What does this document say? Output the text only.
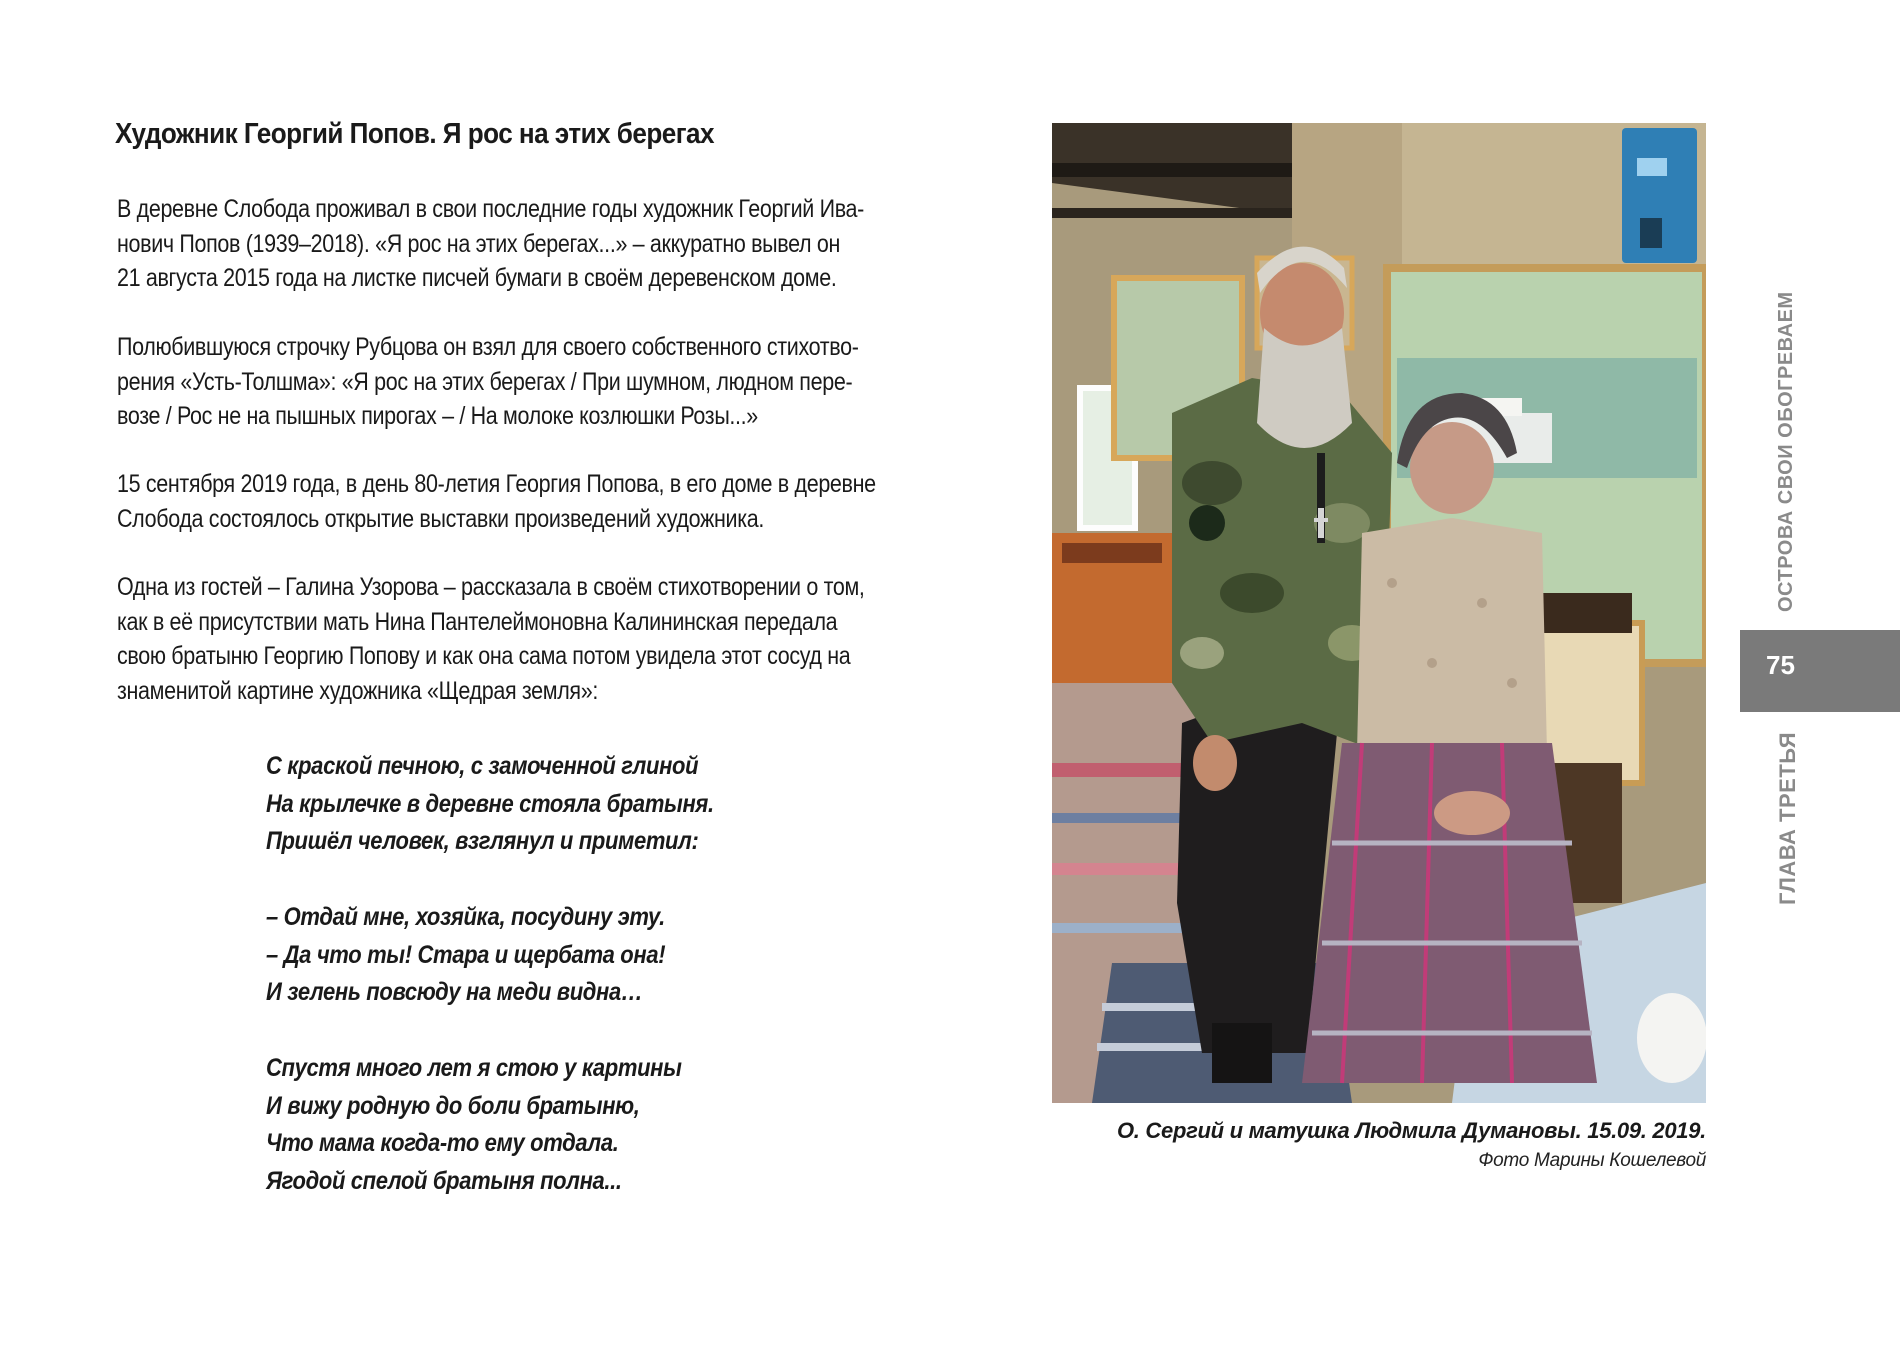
Художник Георгий Попов. Я рос на этих берегах
В деревне Слобода проживал в свои последние годы художник Георгий Ива-
нович Попов (1939–2018). «Я рос на этих берегах...» – аккуратно вывел он
21 августа 2015 года на листке писчей бумаги в своём деревенском доме.
Полюбившуюся строчку Рубцова он взял для своего собственного стихотво-
рения «Усть-Толшма»: «Я рос на этих берегах / При шумном, людном пере-
возе / Рос не на пышных пирогах – / На молоке козлюшки Розы...»
15 сентября 2019 года, в день 80-летия Георгия Попова, в его доме в деревне
Слобода состоялось открытие выставки произведений художника.
Одна из гостей – Галина Узорова – рассказала в своём стихотворении о том,
как в её присутствии мать Нина Пантелеймоновна Калининская передала
свою братыню Георгию Попову и как она сама потом увидела этот сосуд на
знаменитой картине художника «Щедрая земля»:
С краской печною, с замоченной глиной
На крылечке в деревне стояла братыня.
Пришёл человек, взглянул и приметил:
– Отдай мне, хозяйка, посудину эту.
– Да что ты! Стара и щербата она!
И зелень повсюду на меди видна…
Спустя много лет я стою у картины
И вижу родную до боли братыню,
Что мама когда-то ему отдала.
Ягодой спелой братыня полна...

О. Сергий и матушка Людмила Думановы. 15.09. 2019.

Фото Марины Кошелевой

ОСТРОВА СВОИ ОБОГРЕВАЕМ
75
ГЛАВА ТРЕТЬЯ
